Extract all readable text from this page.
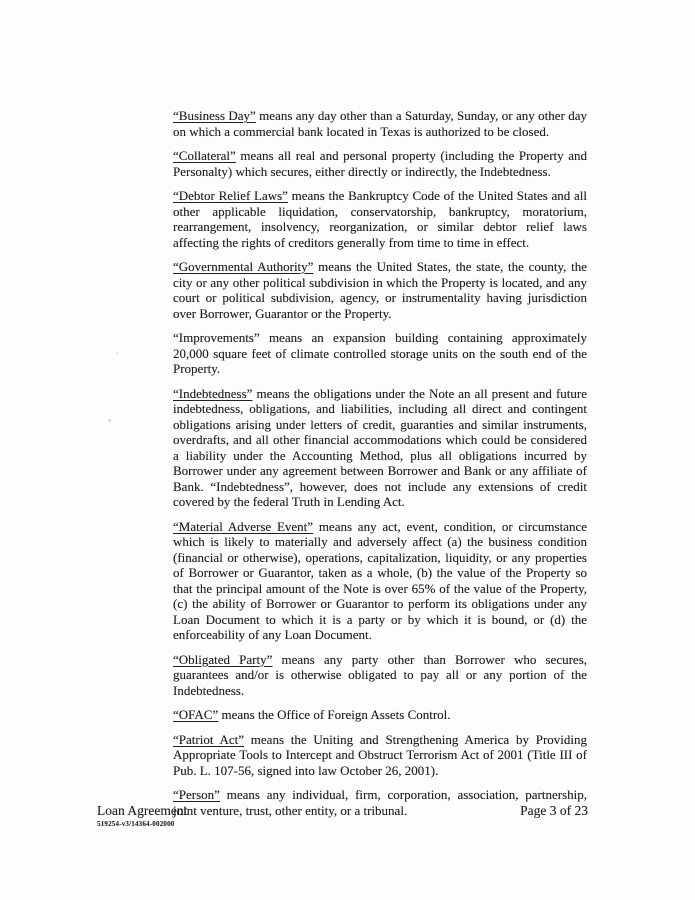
“Business Day” means any day other than a Saturday, Sunday, or any other day on which a commercial bank located in Texas is authorized to be closed.

“Collateral” means all real and personal property (including the Property and Personalty) which secures, either directly or indirectly, the Indebtedness.

“Debtor Relief Laws” means the Bankruptcy Code of the United States and all other applicable liquidation, conservatorship, bankruptcy, moratorium, rearrangement, insolvency, reorganization, or similar debtor relief laws affecting the rights of creditors generally from time to time in effect.

“Governmental Authority” means the United States, the state, the county, the city or any other political subdivision in which the Property is located, and any court or political subdivision, agency, or instrumentality having jurisdiction over Borrower, Guarantor or the Property.

“Improvements” means an expansion building containing approximately 20,000 square feet of climate controlled storage units on the south end of the Property.

“Indebtedness” means the obligations under the Note an all present and future indebtedness, obligations, and liabilities, including all direct and contingent obligations arising under letters of credit, guaranties and similar instruments, overdrafts, and all other financial accommodations which could be considered a liability under the Accounting Method, plus all obligations incurred by Borrower under any agreement between Borrower and Bank or any affiliate of Bank. “Indebtedness”, however, does not include any extensions of credit covered by the federal Truth in Lending Act.

“Material Adverse Event” means any act, event, condition, or circumstance which is likely to materially and adversely affect (a) the business condition (financial or otherwise), operations, capitalization, liquidity, or any properties of Borrower or Guarantor, taken as a whole, (b) the value of the Property so that the principal amount of the Note is over 65% of the value of the Property, (c) the ability of Borrower or Guarantor to perform its obligations under any Loan Document to which it is a party or by which it is bound, or (d) the enforceability of any Loan Document.

“Obligated Party” means any party other than Borrower who secures, guarantees and/or is otherwise obligated to pay all or any portion of the Indebtedness.

“OFAC” means the Office of Foreign Assets Control.

“Patriot Act” means the Uniting and Strengthening America by Providing Appropriate Tools to Intercept and Obstruct Terrorism Act of 2001 (Title III of Pub. L. 107-56, signed into law October 26, 2001).

“Person” means any individual, firm, corporation, association, partnership, joint venture, trust, other entity, or a tribunal.

Loan Agreement
519254-v3/14364-002000
Page 3 of 23
